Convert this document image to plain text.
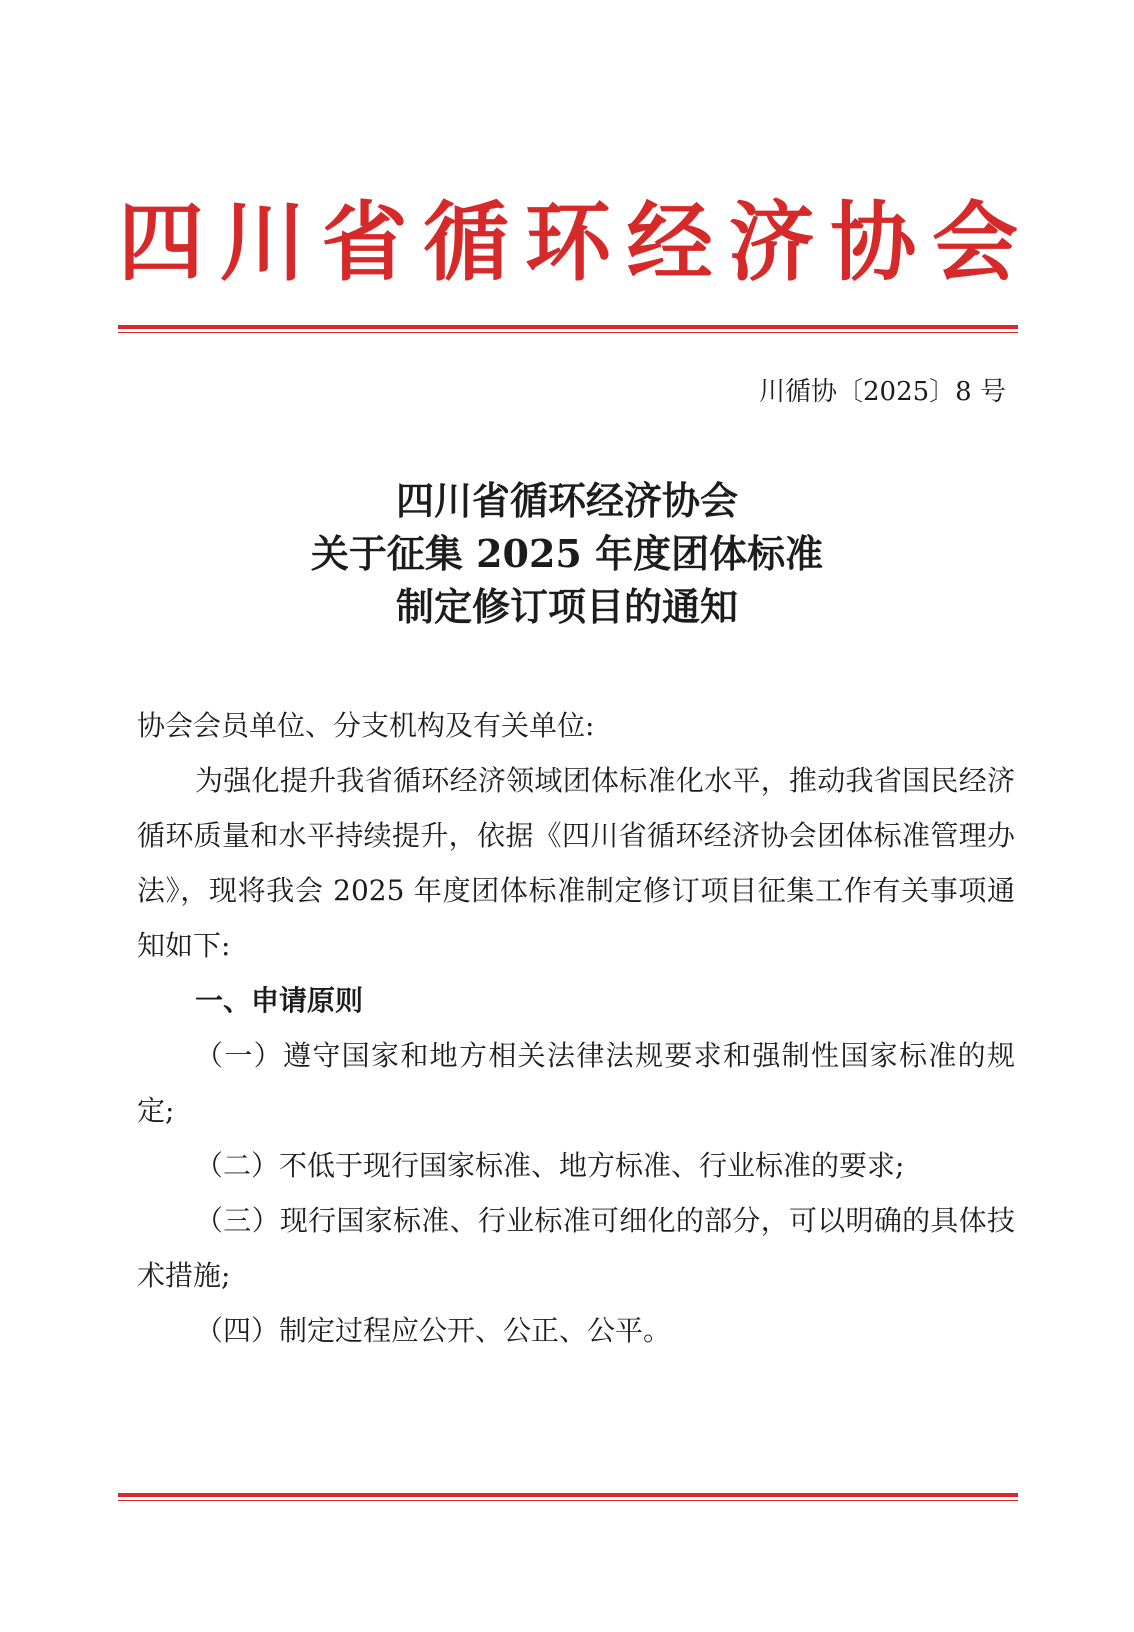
四川省循环经济协会
川循协〔2025〕8 号
四川省循环经济协会
关于征集 2025 年度团体标准
制定修订项目的通知

协会会员单位、分支机构及有关单位:

为强化提升我省循环经济领域团体标准化水平，推动我省国民经济循环质量和水平持续提升，依据《四川省循环经济协会团体标准管理办法》，现将我会 2025 年度团体标准制定修订项目征集工作有关事项通知如下:

一、申请原则

（一）遵守国家和地方相关法律法规要求和强制性国家标准的规定;

（二）不低于现行国家标准、地方标准、行业标准的要求;

（三）现行国家标准、行业标准可细化的部分，可以明确的具体技术措施;

（四）制定过程应公开、公正、公平。
